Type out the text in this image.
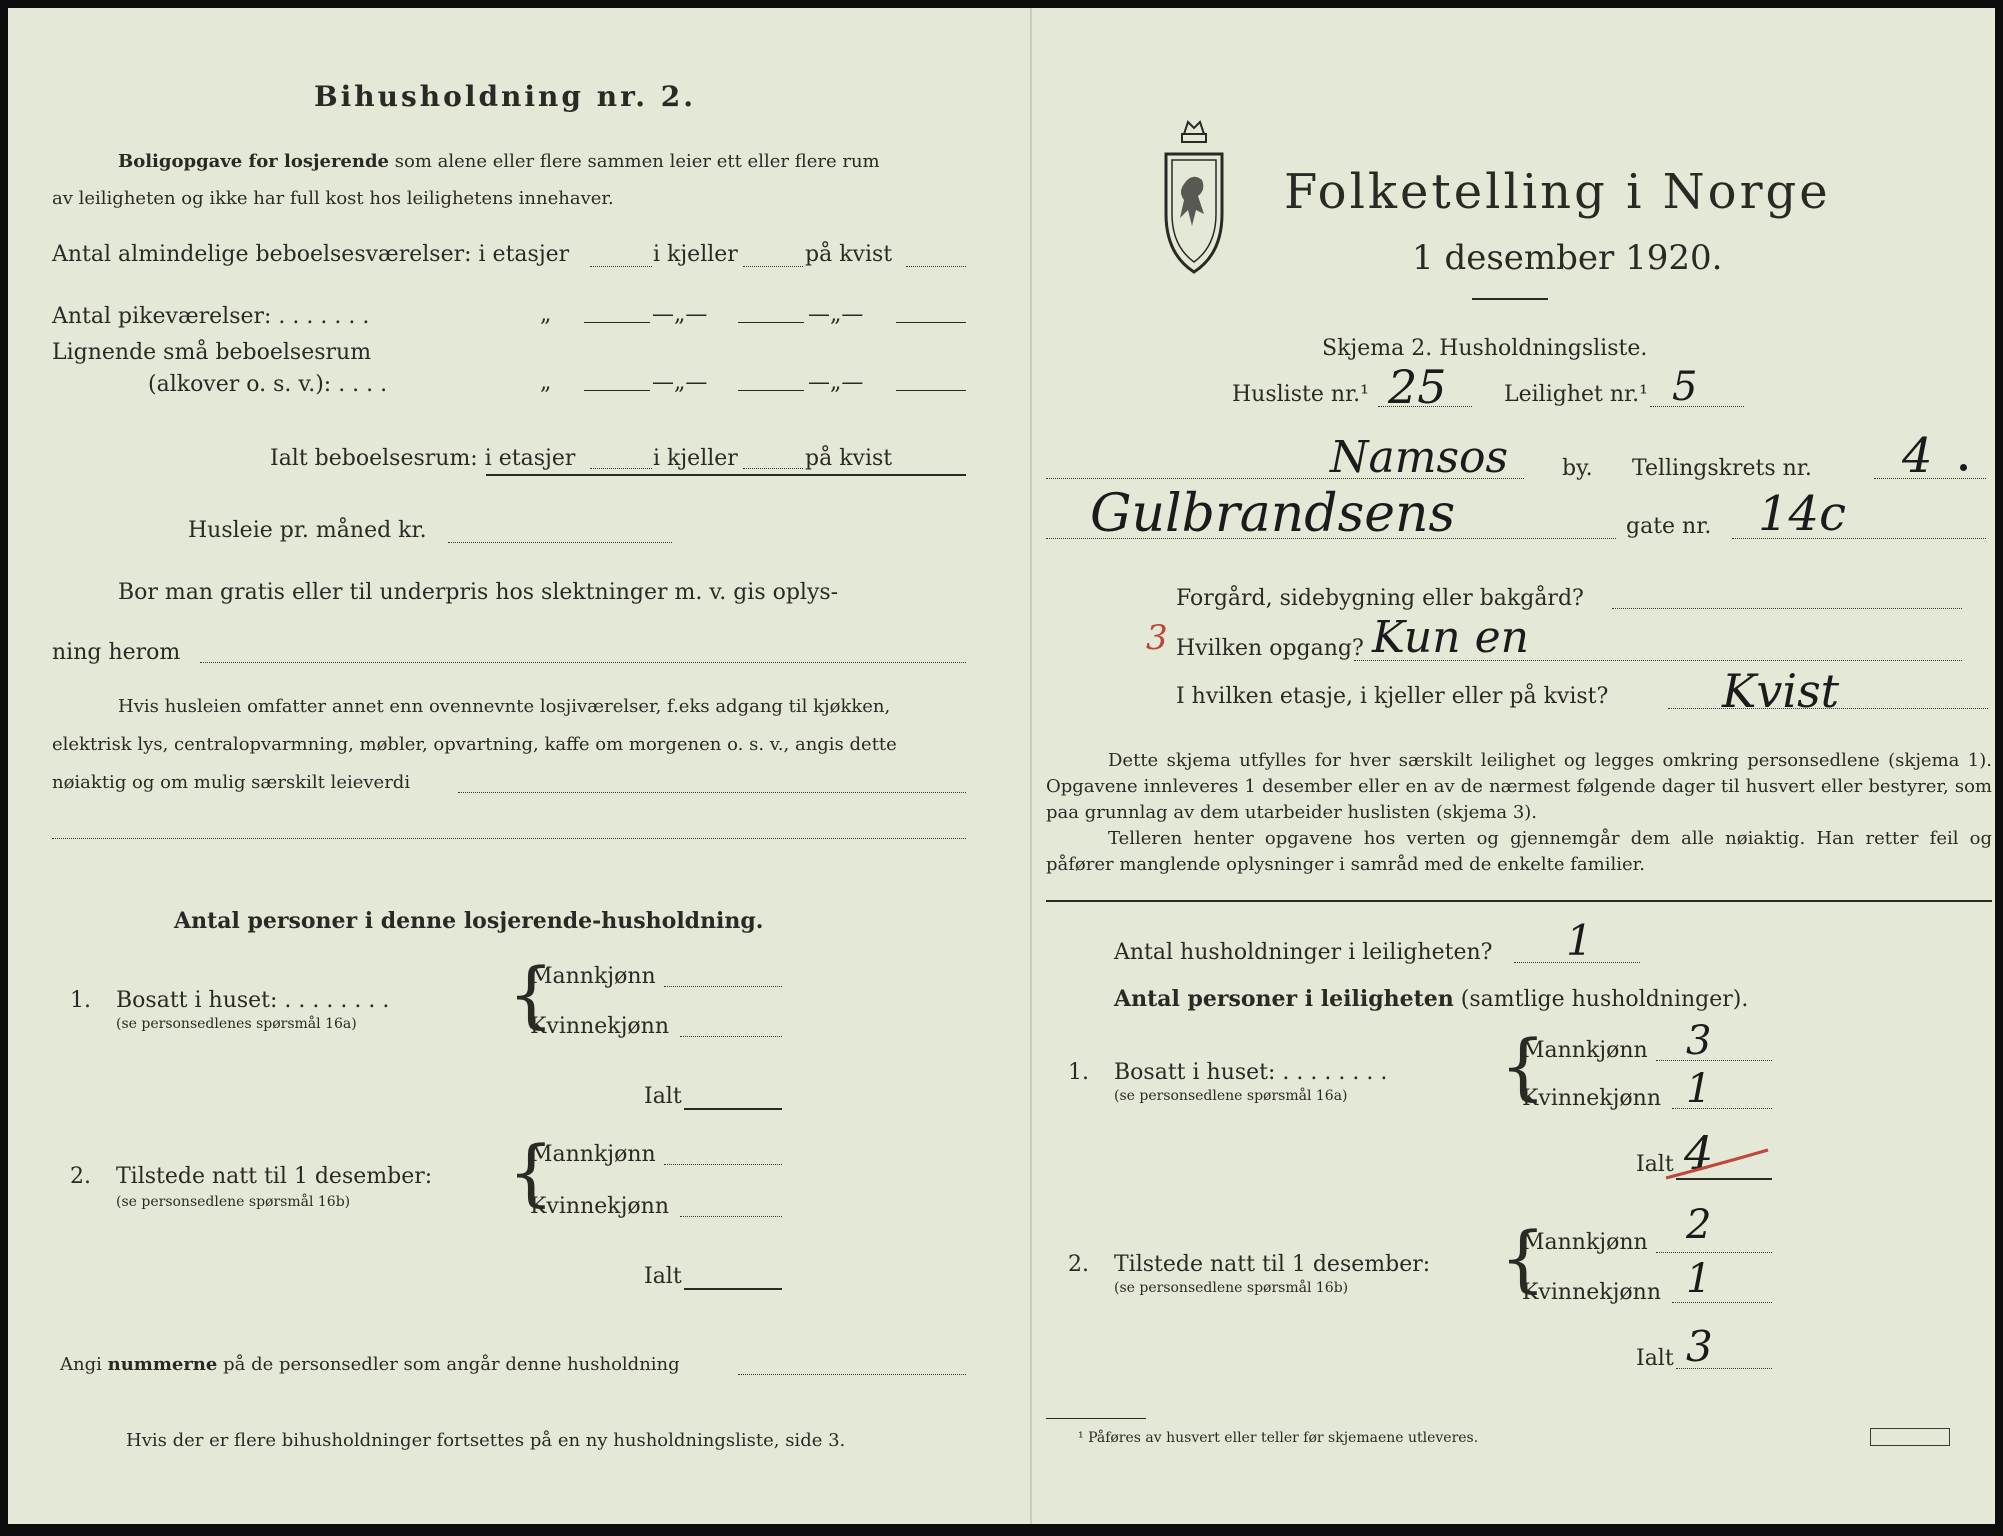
Bihusholdning nr. 2.
Boligopgave for losjerende som alene eller flere sammen leier ett eller flere rum
av leiligheten og ikke har full kost hos leilighetens innehaver.
Antal almindelige beboelsesværelser: i etasjer	i kjeller	på kvist
Antal pikeværelser: . . . . . . .	„	—„—	—„—
Lignende små beboelsesrum
(alkover o. s. v.): . . . .	„	—„—	—„—
Ialt beboelsesrum: i etasjer	i kjeller	på kvist
Husleie pr. måned kr.
Bor man gratis eller til underpris hos slektninger m. v. gis oplys-
ning herom
Hvis husleien omfatter annet enn ovennevnte losjiværelser, f.eks adgang til kjøkken,
elektrisk lys, centralopvarmning, møbler, opvartning, kaffe om morgenen o. s. v., angis dette
nøiaktig og om mulig særskilt leieverdi
Antal personer i denne losjerende-husholdning.
1. Bosatt i huset: . . . . . . . .
(se personsedlenes spørsmål 16a) {
Mannkjønn
Kvinnekjønn
Ialt
2. Tilstede natt til 1 desember:
(se personsedlene spørsmål 16b) {
Mannkjønn
Kvinnekjønn
Ialt
Angi nummerne på de personsedler som angår denne husholdning
Hvis der er flere bihusholdninger fortsettes på en ny husholdningsliste, side 3.
Folketelling i Norge
1 desember 1920.
Skjema 2. Husholdningsliste.
Husliste nr.¹ 25	Leilighet nr.¹ 5
Namsos by. Tellingskrets nr. 4
Gulbrandsens	gate nr. 14c
Forgård, sidebygning eller bakgård?
3 Hvilken opgang? Kun en
I hvilken etasje, i kjeller eller på kvist? Kvist
Dette skjema utfylles for hver særskilt leilighet og legges omkring personsedlene (skjema 1). Opgavene innleveres 1 desember eller en av de nærmest følgende dager til husvert eller bestyrer, som paa grunnlag av dem utarbeider huslisten (skjema 3).
Telleren henter opgavene hos verten og gjennemgår dem alle nøiaktig. Han retter feil og påfører manglende oplysninger i samråd med de enkelte familier.
Antal husholdninger i leiligheten? 1
Antal personer i leiligheten (samtlige husholdninger).
1. Bosatt i huset: . . . . . . . .
(se personsedlene spørsmål 16a) {
Mannkjønn 3
Kvinnekjønn 1
Ialt 4
2. Tilstede natt til 1 desember:
(se personsedlene spørsmål 16b) {
Mannkjønn 2
Kvinnekjønn 1
Ialt 3
¹ Påføres av husvert eller teller før skjemaene utleveres.
